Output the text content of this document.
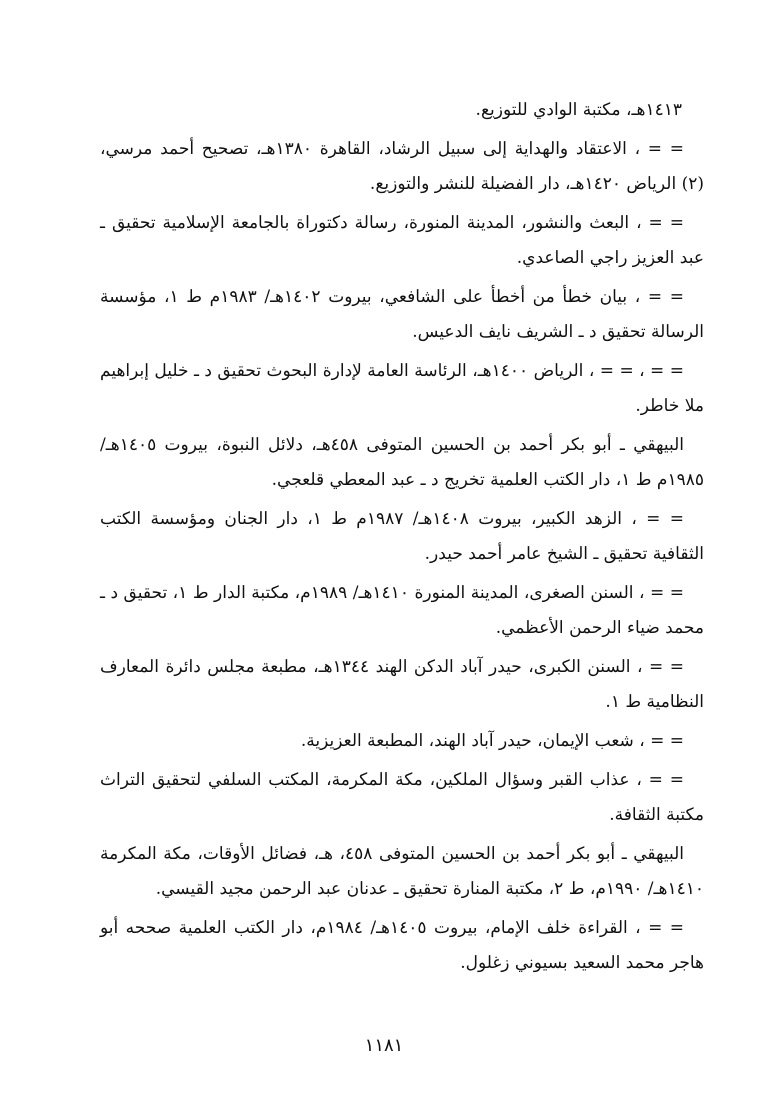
١٤١٣هـ، مكتبة الوادي للتوزيع.

= = ، الاعتقاد والهداية إلى سبيل الرشاد، القاهرة ١٣٨٠هـ، تصحيح أحمد مرسي، (٢) الرياض ١٤٢٠هـ، دار الفضيلة للنشر والتوزيع.

= = ، البعث والنشور، المدينة المنورة، رسالة دكتوراة بالجامعة الإسلامية تحقيق ـ عبد العزيز راجي الصاعدي.

= = ، بيان خطأ من أخطأ على الشافعي، بيروت ١٤٠٢هـ/ ١٩٨٣م ط ١، مؤسسة الرسالة تحقيق د ـ الشريف نايف الدعيس.

= = ، = = ، الرياض ١٤٠٠هـ، الرئاسة العامة لإدارة البحوث تحقيق د ـ خليل إبراهيم ملا خاطر.

البيهقي ـ أبو بكر أحمد بن الحسين المتوفى ٤٥٨هـ، دلائل النبوة، بيروت ١٤٠٥هـ/ ١٩٨٥م ط ١، دار الكتب العلمية تخريج د ـ عبد المعطي قلعجي.

= = ، الزهد الكبير، بيروت ١٤٠٨هـ/ ١٩٨٧م ط ١، دار الجنان ومؤسسة الكتب الثقافية تحقيق ـ الشيخ عامر أحمد حيدر.

= = ، السنن الصغرى، المدينة المنورة ١٤١٠هـ/ ١٩٨٩م، مكتبة الدار ط ١، تحقيق د ـ محمد ضياء الرحمن الأعظمي.

= = ، السنن الكبرى، حيدر آباد الدكن الهند ١٣٤٤هـ، مطبعة مجلس دائرة المعارف النظامية ط ١.

= = ، شعب الإيمان، حيدر آباد الهند، المطبعة العزيزية.

= = ، عذاب القبر وسؤال الملكين، مكة المكرمة، المكتب السلفي لتحقيق التراث مكتبة الثقافة.

البيهقي ـ أبو بكر أحمد بن الحسين المتوفى ٤٥٨، هـ، فضائل الأوقات، مكة المكرمة ١٤١٠هـ/ ١٩٩٠م، ط ٢، مكتبة المنارة تحقيق ـ عدنان عبد الرحمن مجيد القيسي.

= = ، القراءة خلف الإمام، بيروت ١٤٠٥هـ/ ١٩٨٤م، دار الكتب العلمية صححه أبو هاجر محمد السعيد بسيوني زغلول.

١١٨١
